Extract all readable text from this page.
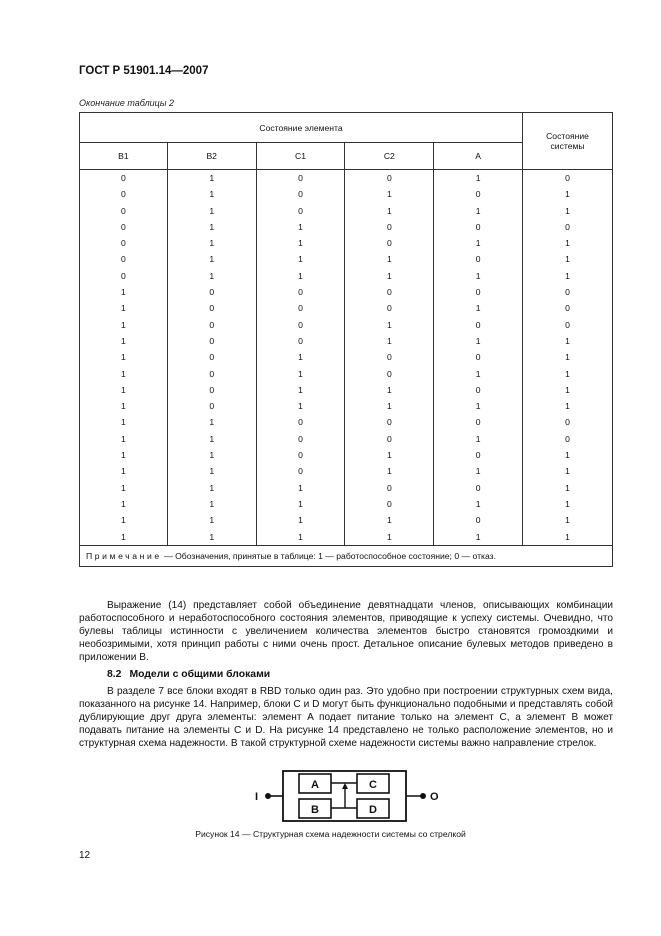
ГОСТ Р 51901.14—2007
Окончание таблицы 2
Состояние элемента					Состояние системы
B1	B2	C1	C2	A	
0	1	0	0	1	0
0	1	0	1	0	1
0	1	0	1	1	1
0	1	1	0	0	0
0	1	1	0	1	1
0	1	1	1	0	1
0	1	1	1	1	1
1	0	0	0	0	0
1	0	0	0	1	0
1	0	0	1	0	0
1	0	0	1	1	1
1	0	1	0	0	1
1	0	1	0	1	1
1	0	1	1	0	1
1	0	1	1	1	1
1	1	0	0	0	0
1	1	0	0	1	0
1	1	0	1	0	1
1	1	0	1	1	1
1	1	1	0	0	1
1	1	1	0	1	1
1	1	1	1	0	1
1	1	1	1	1	1
Примечание — Обозначения, принятые в таблице: 1 — работоспособное состояние; 0 — отказ.					
Выражение (14) представляет собой объединение девятнадцати членов, описывающих комбинации работоспособного и неработоспособного состояния элементов, приводящие к успеху системы. Очевидно, что булевы таблицы истинности с увеличением количества элементов быстро становятся громоздкими и необозримыми, хотя принцип работы с ними очень прост. Детальное описание булевых методов приведено в приложении В.
8.2 Модели с общими блоками
В разделе 7 все блоки входят в RBD только один раз. Это удобно при построении структурных схем вида, показанного на рисунке 14. Например, блоки C и D могут быть функционально подобными и представлять собой дублирующие друг друга элементы: элемент A подает питание только на элемент C, а элемент B может подавать питание на элементы C и D. На рисунке 14 представлено не только расположение элементов, но и структурная схема надежности. В такой структурной схеме надежности системы важно направление стрелок.
I
A
B
C
D
O
Рисунок 14 — Структурная схема надежности системы со стрелкой
12
